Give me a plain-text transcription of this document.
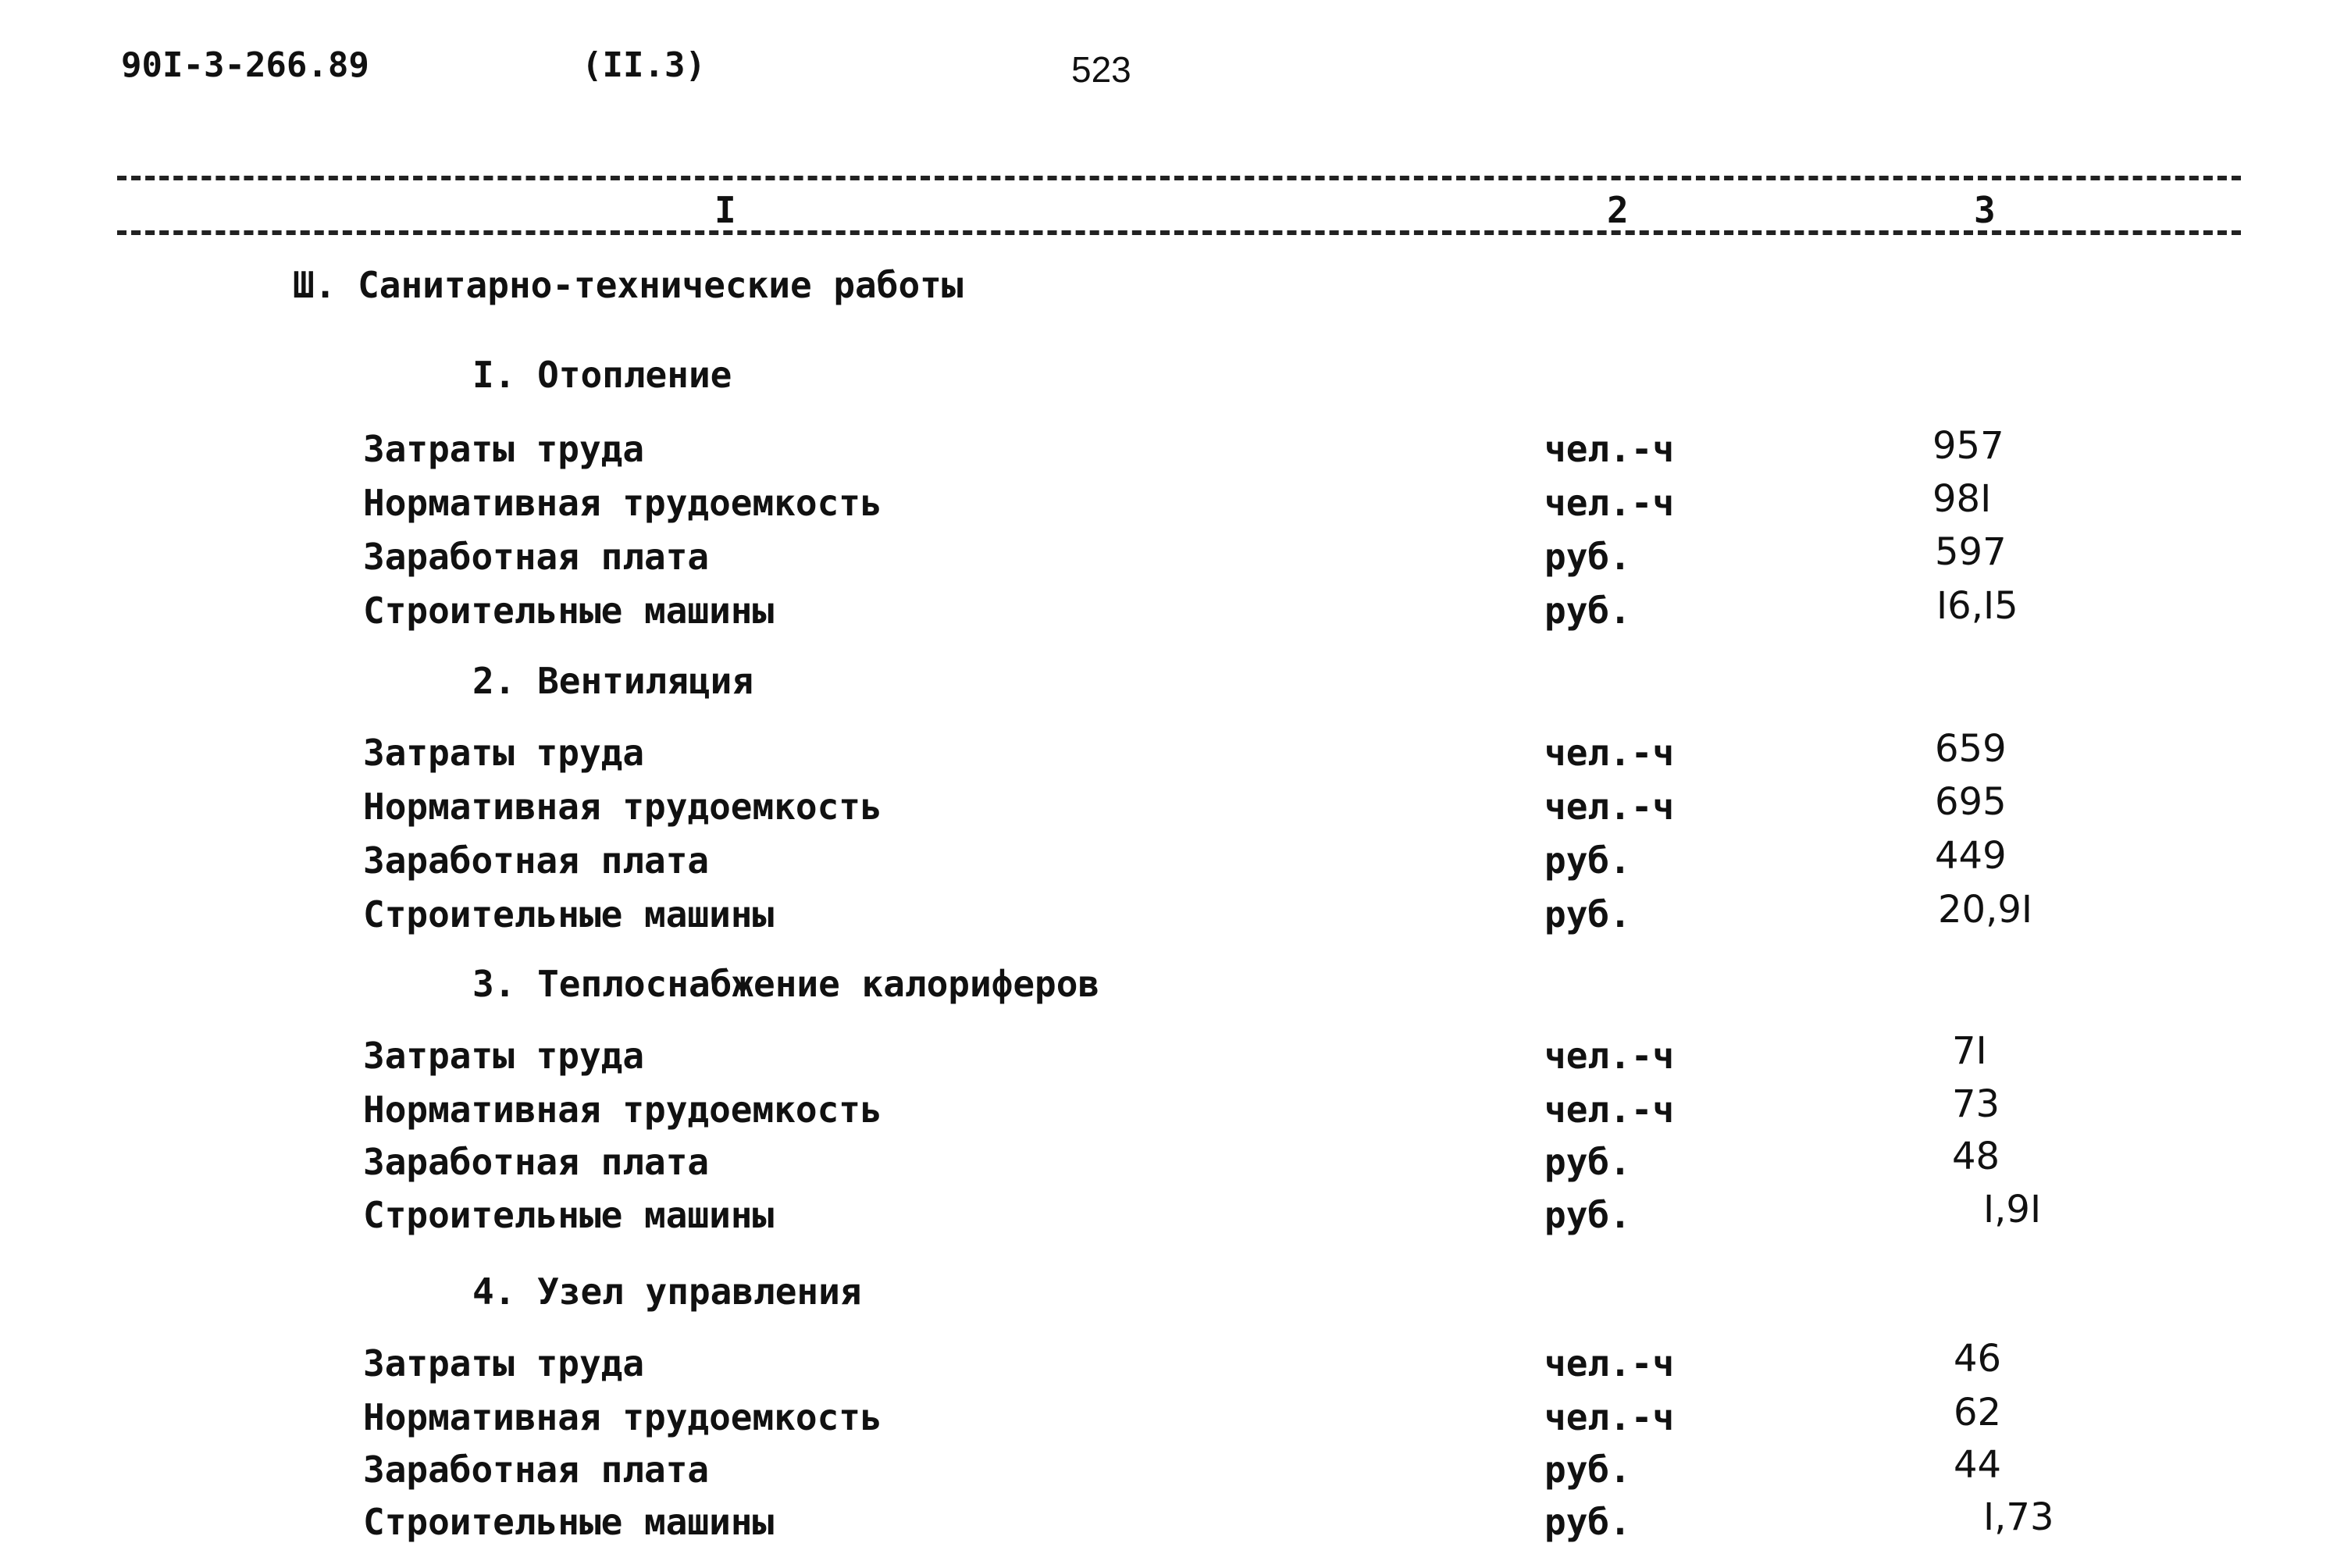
90I-3-266.89	(II.3)	523
I	2	3
Ш. Санитарно-технические работы
I. Отопление
Затраты труда	чел.-ч	957
Нормативная трудоемкость	чел.-ч	98I
Заработная плата	руб.	597
Строительные машины	руб.	I6,I5
2. Вентиляция
Затраты труда	чел.-ч	659
Нормативная трудоемкость	чел.-ч	695
Заработная плата	руб.	449
Строительные машины	руб.	20,9I
3. Теплоснабжение калориферов
Затраты труда	чел.-ч	7I
Нормативная трудоемкость	чел.-ч	73
Заработная плата	руб.	48
Строительные машины	руб.	I,9I
4. Узел управления
Затраты труда	чел.-ч	46
Нормативная трудоемкость	чел.-ч	62
Заработная плата	руб.	44
Строительные машины	руб.	I,73
